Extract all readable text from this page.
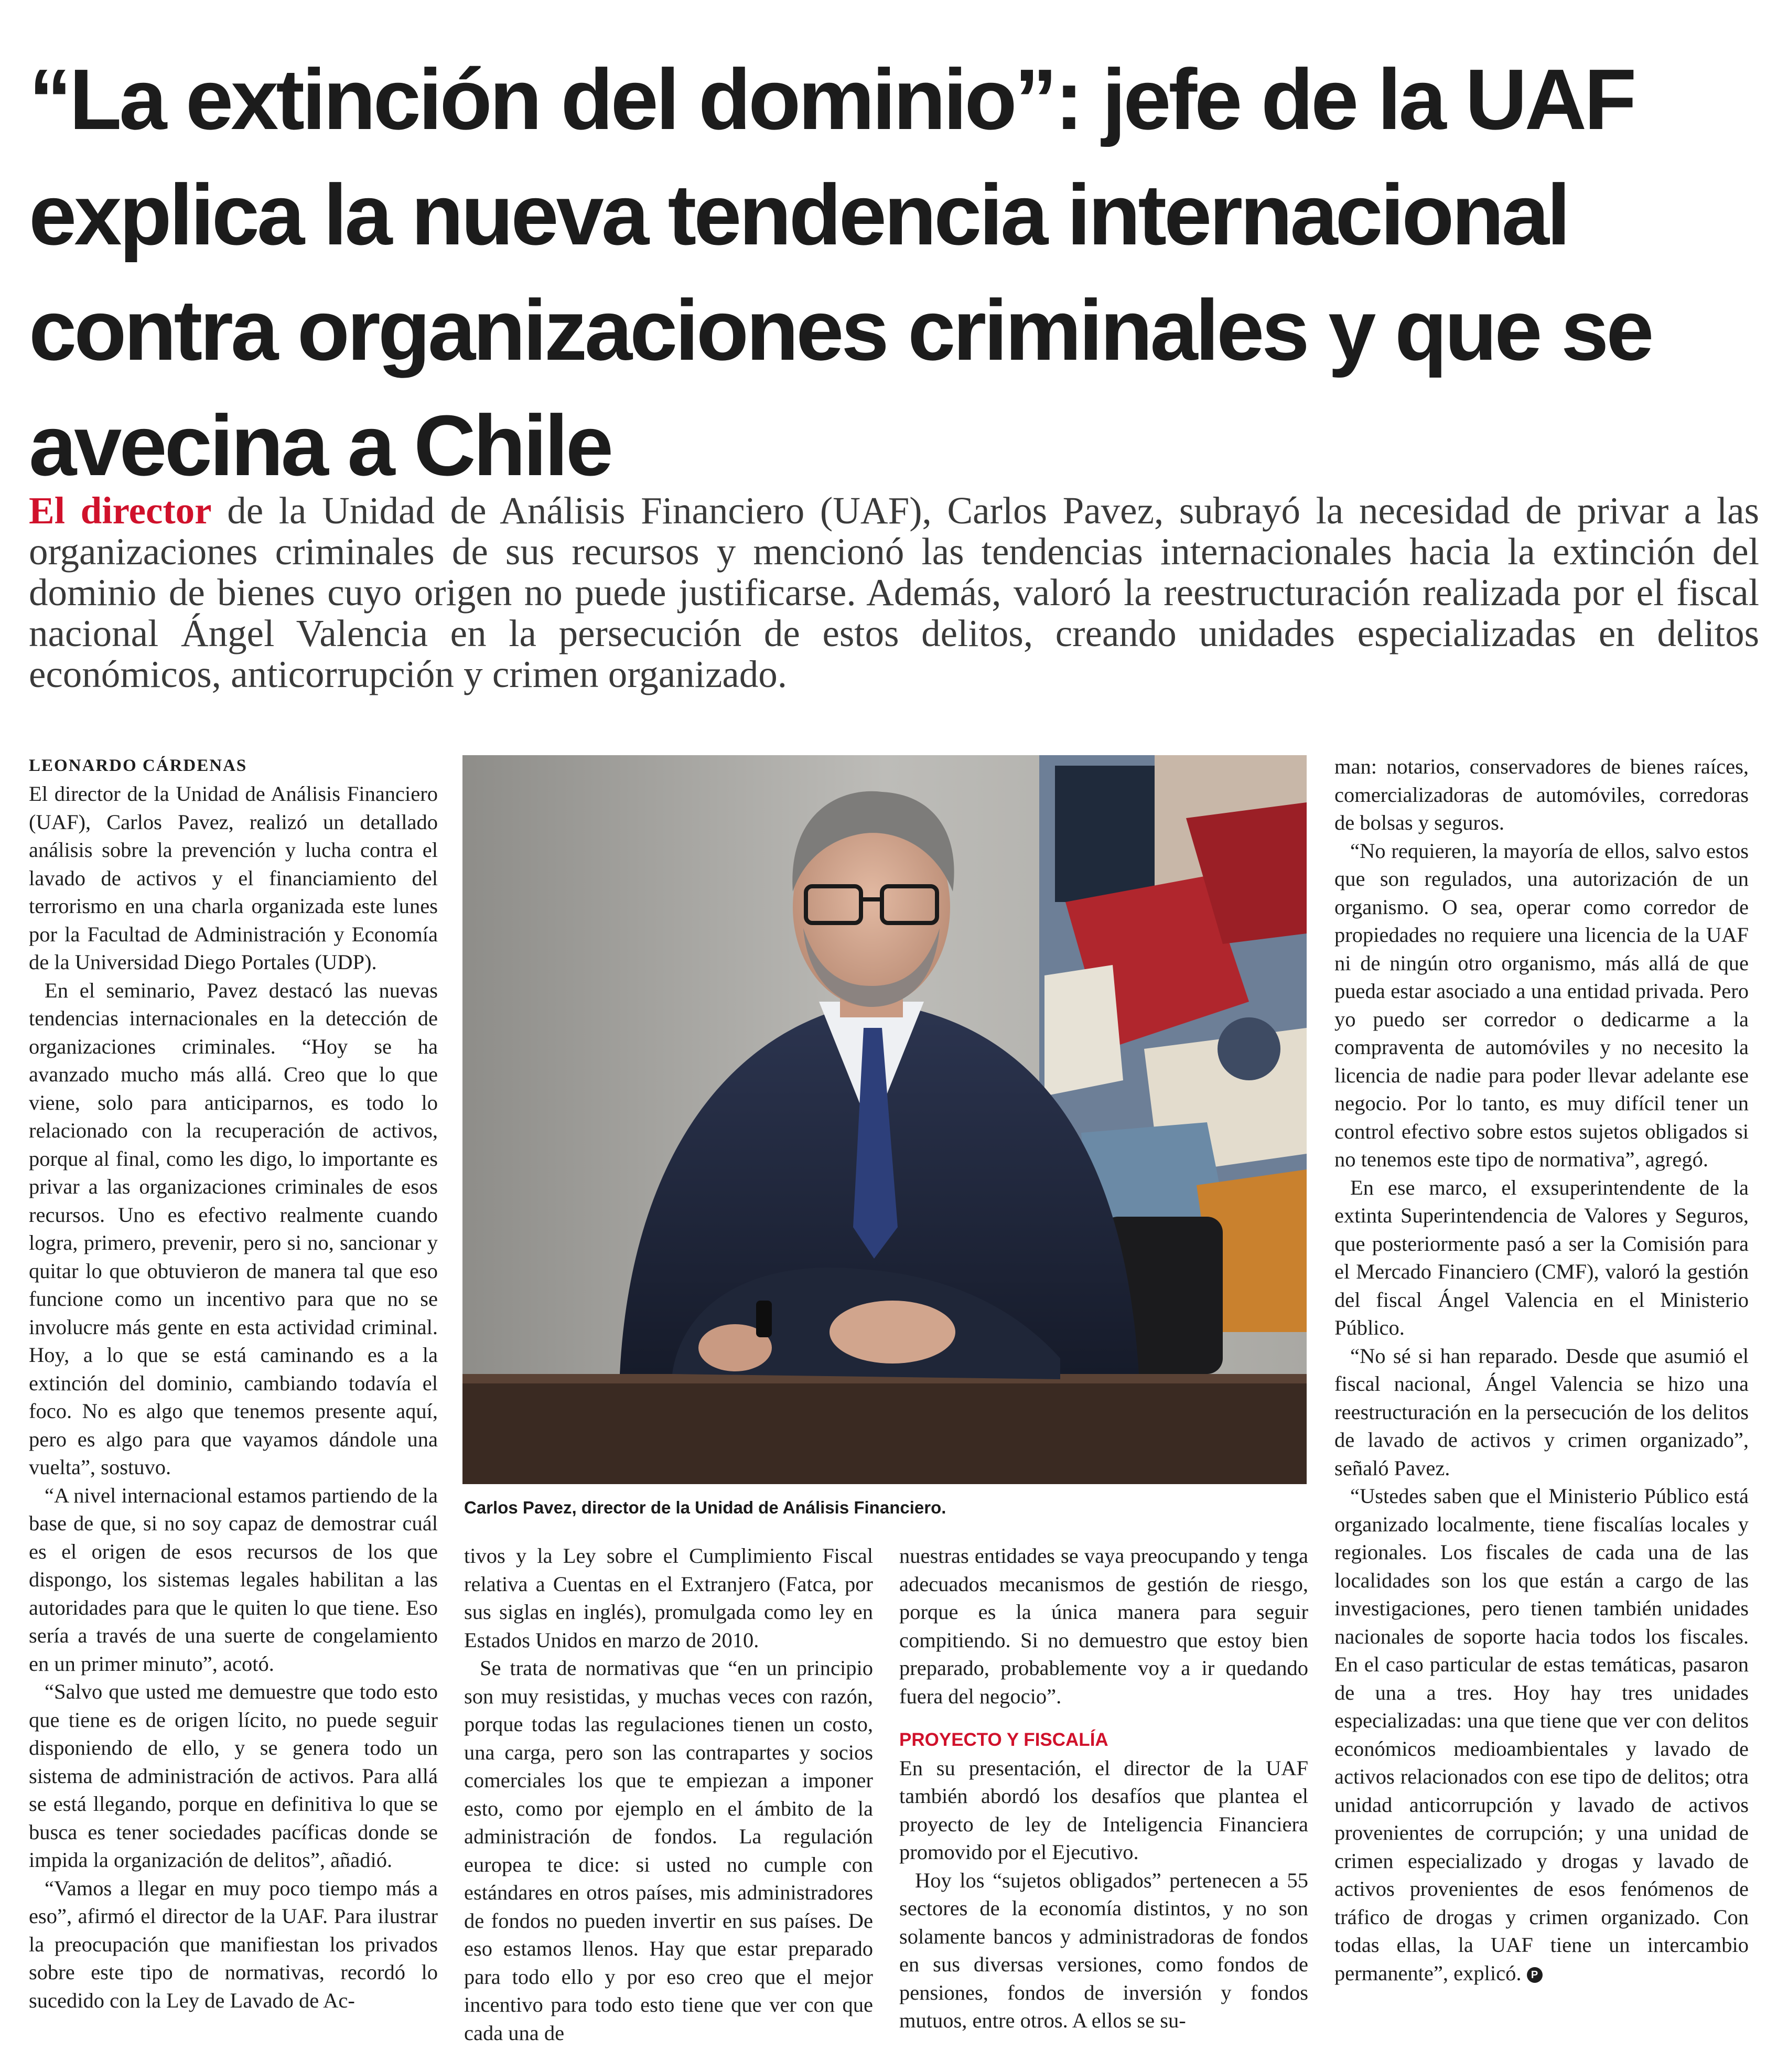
“La extinción del dominio”: jefe de la UAF explica la nueva tendencia internacional contra organizaciones criminales y que se avecina a Chile

El director de la Unidad de Análisis Financiero (UAF), Carlos Pavez, subrayó la necesidad de privar a las organizaciones criminales de sus recursos y mencionó las tendencias internacionales hacia la extinción del dominio de bienes cuyo origen no puede justificarse. Además, valoró la reestructuración realizada por el fiscal nacional Ángel Valencia en la persecución de estos delitos, creando unidades especializadas en delitos económicos, anticorrupción y crimen organizado.

LEONARDO CÁRDENAS

El director de la Unidad de Análisis Financiero (UAF), Carlos Pavez, realizó un detallado análisis sobre la prevención y lucha contra el lavado de activos y el financiamiento del terrorismo en una charla organizada este lunes por la Facultad de Administración y Economía de la Universidad Diego Portales (UDP).

En el seminario, Pavez destacó las nuevas tendencias internacionales en la detección de organizaciones criminales. “Hoy se ha avanzado mucho más allá. Creo que lo que viene, solo para anticiparnos, es todo lo relacionado con la recuperación de activos, porque al final, como les digo, lo importante es privar a las organizaciones criminales de esos recursos. Uno es efectivo realmente cuando logra, primero, prevenir, pero si no, sancionar y quitar lo que obtuvieron de manera tal que eso funcione como un incentivo para que no se involucre más gente en esta actividad criminal. Hoy, a lo que se está caminando es a la extinción del dominio, cambiando todavía el foco. No es algo que tenemos presente aquí, pero es algo para que vayamos dándole una vuelta”, sostuvo.

“A nivel internacional estamos partiendo de la base de que, si no soy capaz de demostrar cuál es el origen de esos recursos de los que dispongo, los sistemas legales habilitan a las autoridades para que le quiten lo que tiene. Eso sería a través de una suerte de congelamiento en un primer minuto”, acotó.

“Salvo que usted me demuestre que todo esto que tiene es de origen lícito, no puede seguir disponiendo de ello, y se genera todo un sistema de administración de activos. Para allá se está llegando, porque en definitiva lo que se busca es tener sociedades pacíficas donde se impida la organización de delitos”, añadió.

“Vamos a llegar en muy poco tiempo más a eso”, afirmó el director de la UAF. Para ilustrar la preocupación que manifiestan los privados sobre este tipo de normativas, recordó lo sucedido con la Ley de Lavado de Ac-

Carlos Pavez, director de la Unidad de Análisis Financiero.

tivos y la Ley sobre el Cumplimiento Fiscal relativa a Cuentas en el Extranjero (Fatca, por sus siglas en inglés), promulgada como ley en Estados Unidos en marzo de 2010.

Se trata de normativas que “en un principio son muy resistidas, y muchas veces con razón, porque todas las regulaciones tienen un costo, una carga, pero son las contrapartes y socios comerciales los que te empiezan a imponer esto, como por ejemplo en el ámbito de la administración de fondos. La regulación europea te dice: si usted no cumple con estándares en otros países, mis administradores de fondos no pueden invertir en sus países. De eso estamos llenos. Hay que estar preparado para todo ello y por eso creo que el mejor incentivo para todo esto tiene que ver con que cada una de

nuestras entidades se vaya preocupando y tenga adecuados mecanismos de gestión de riesgo, porque es la única manera para seguir compitiendo. Si no demuestro que estoy bien preparado, probablemente voy a ir quedando fuera del negocio”.

PROYECTO Y FISCALÍA

En su presentación, el director de la UAF también abordó los desafíos que plantea el proyecto de ley de Inteligencia Financiera promovido por el Ejecutivo.

Hoy los “sujetos obligados” pertenecen a 55 sectores de la economía distintos, y no son solamente bancos y administradoras de fondos en sus diversas versiones, como fondos de pensiones, fondos de inversión y fondos mutuos, entre otros. A ellos se su-

man: notarios, conservadores de bienes raíces, comercializadoras de automóviles, corredoras de bolsas y seguros.

“No requieren, la mayoría de ellos, salvo estos que son regulados, una autorización de un organismo. O sea, operar como corredor de propiedades no requiere una licencia de la UAF ni de ningún otro organismo, más allá de que pueda estar asociado a una entidad privada. Pero yo puedo ser corredor o dedicarme a la compraventa de automóviles y no necesito la licencia de nadie para poder llevar adelante ese negocio. Por lo tanto, es muy difícil tener un control efectivo sobre estos sujetos obligados si no tenemos este tipo de normativa”, agregó.

En ese marco, el exsuperintendente de la extinta Superintendencia de Valores y Seguros, que posteriormente pasó a ser la Comisión para el Mercado Financiero (CMF), valoró la gestión del fiscal Ángel Valencia en el Ministerio Público.

“No sé si han reparado. Desde que asumió el fiscal nacional, Ángel Valencia se hizo una reestructuración en la persecución de los delitos de lavado de activos y crimen organizado”, señaló Pavez.

“Ustedes saben que el Ministerio Público está organizado localmente, tiene fiscalías locales y regionales. Los fiscales de cada una de las localidades son los que están a cargo de las investigaciones, pero tienen también unidades nacionales de soporte hacia todos los fiscales. En el caso particular de estas temáticas, pasaron de una a tres. Hoy hay tres unidades especializadas: una que tiene que ver con delitos económicos medioambientales y lavado de activos relacionados con ese tipo de delitos; otra unidad anticorrupción y lavado de activos provenientes de corrupción; y una unidad de crimen especializado y drogas y lavado de activos provenientes de esos fenómenos de tráfico de drogas y crimen organizado. Con todas ellas, la UAF tiene un intercambio permanente”, explicó. P
